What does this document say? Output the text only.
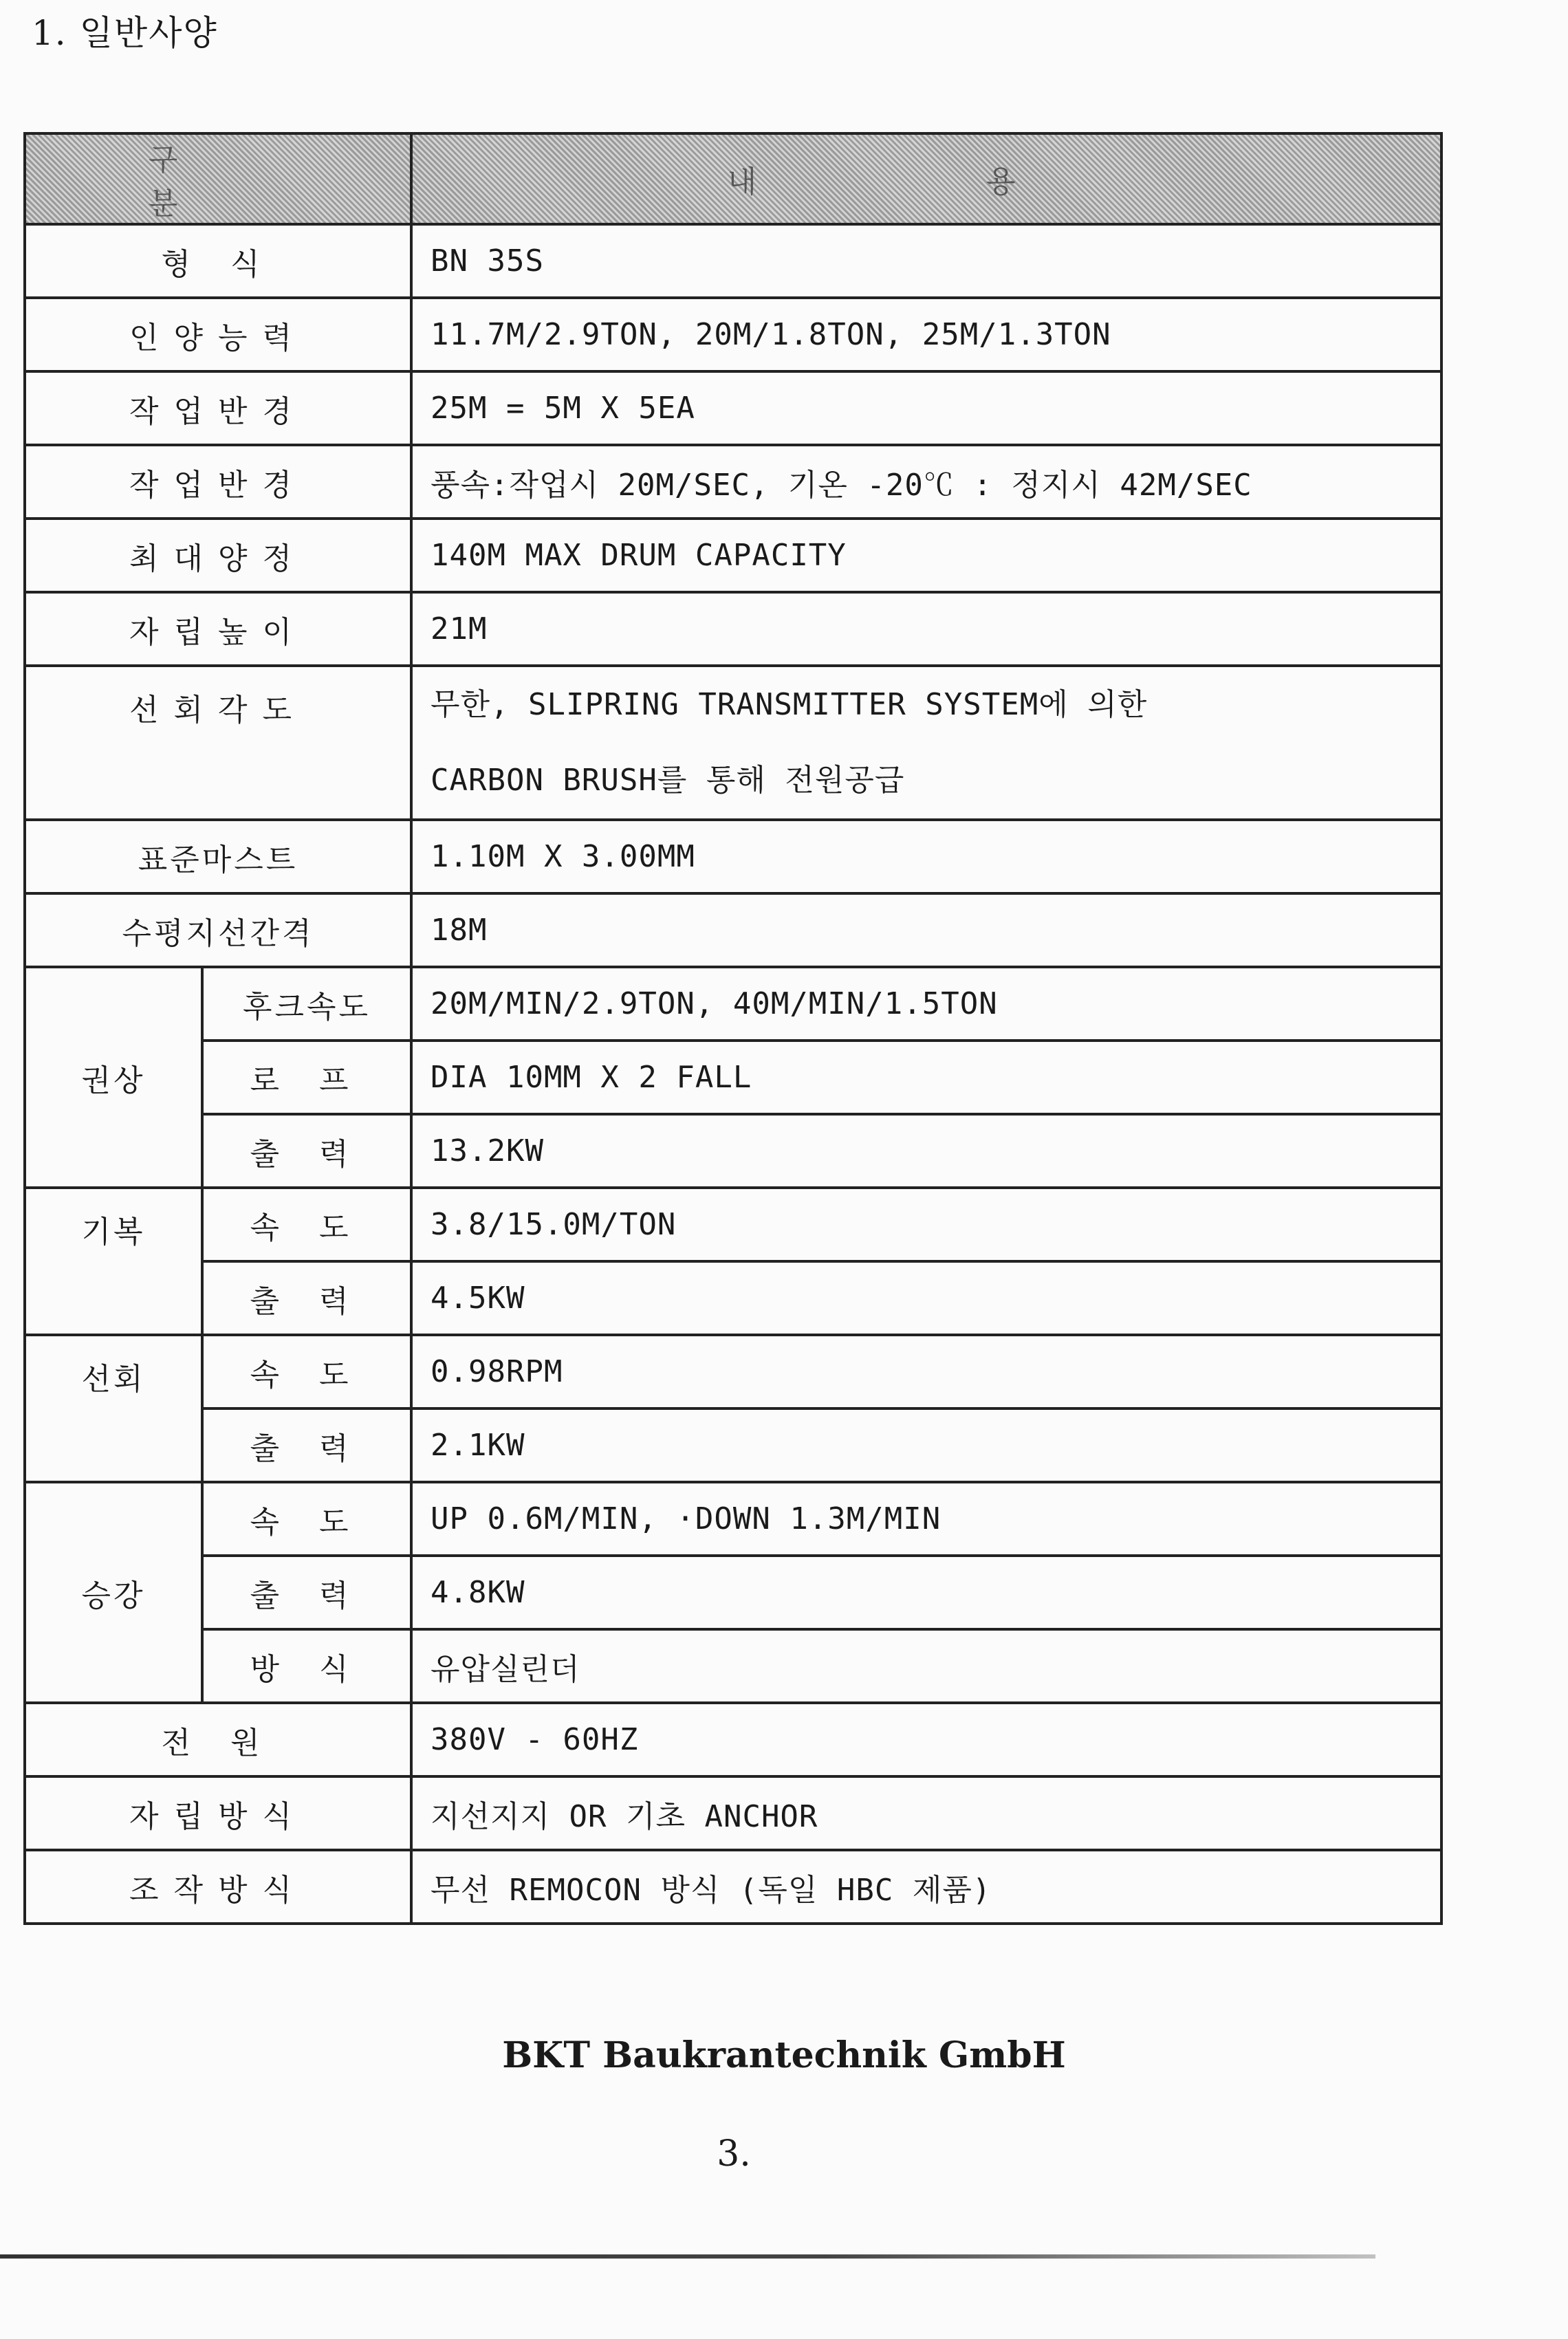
1. 일반사양
구 분		내 용
형 식		BN 35S
인양능력		11.7M/2.9TON, 20M/1.8TON, 25M/1.3TON
작업반경		25M = 5M X 5EA
작업반경		풍속:작업시 20M/SEC, 기온 -20℃ : 정지시 42M/SEC
최대양정		140M MAX DRUM CAPACITY
자립높이		21M
선회각도		무한, SLIPRING TRANSMITTER SYSTEM에 의한
CARBON BRUSH를 통해 전원공급

표준마스트		1.10M X 3.00MM
수평지선간격		18M
권상	후크속도	20M/MIN/2.9TON, 40M/MIN/1.5TON
	로 프	DIA 10MM X 2 FALL
	출 력	13.2KW
기복	속 도	3.8/15.0M/TON
	출 력	4.5KW
선회	속 도	0.98RPM
	출 력	2.1KW
승강	속 도	UP 0.6M/MIN, ·DOWN 1.3M/MIN
	출 력	4.8KW
	방 식	유압실린더
전 원		380V - 60HZ
자립방식		지선지지 OR 기초 ANCHOR
조작방식		무선 REMOCON 방식 (독일 HBC 제품)
BKT Baukrantechnik GmbH
3.
